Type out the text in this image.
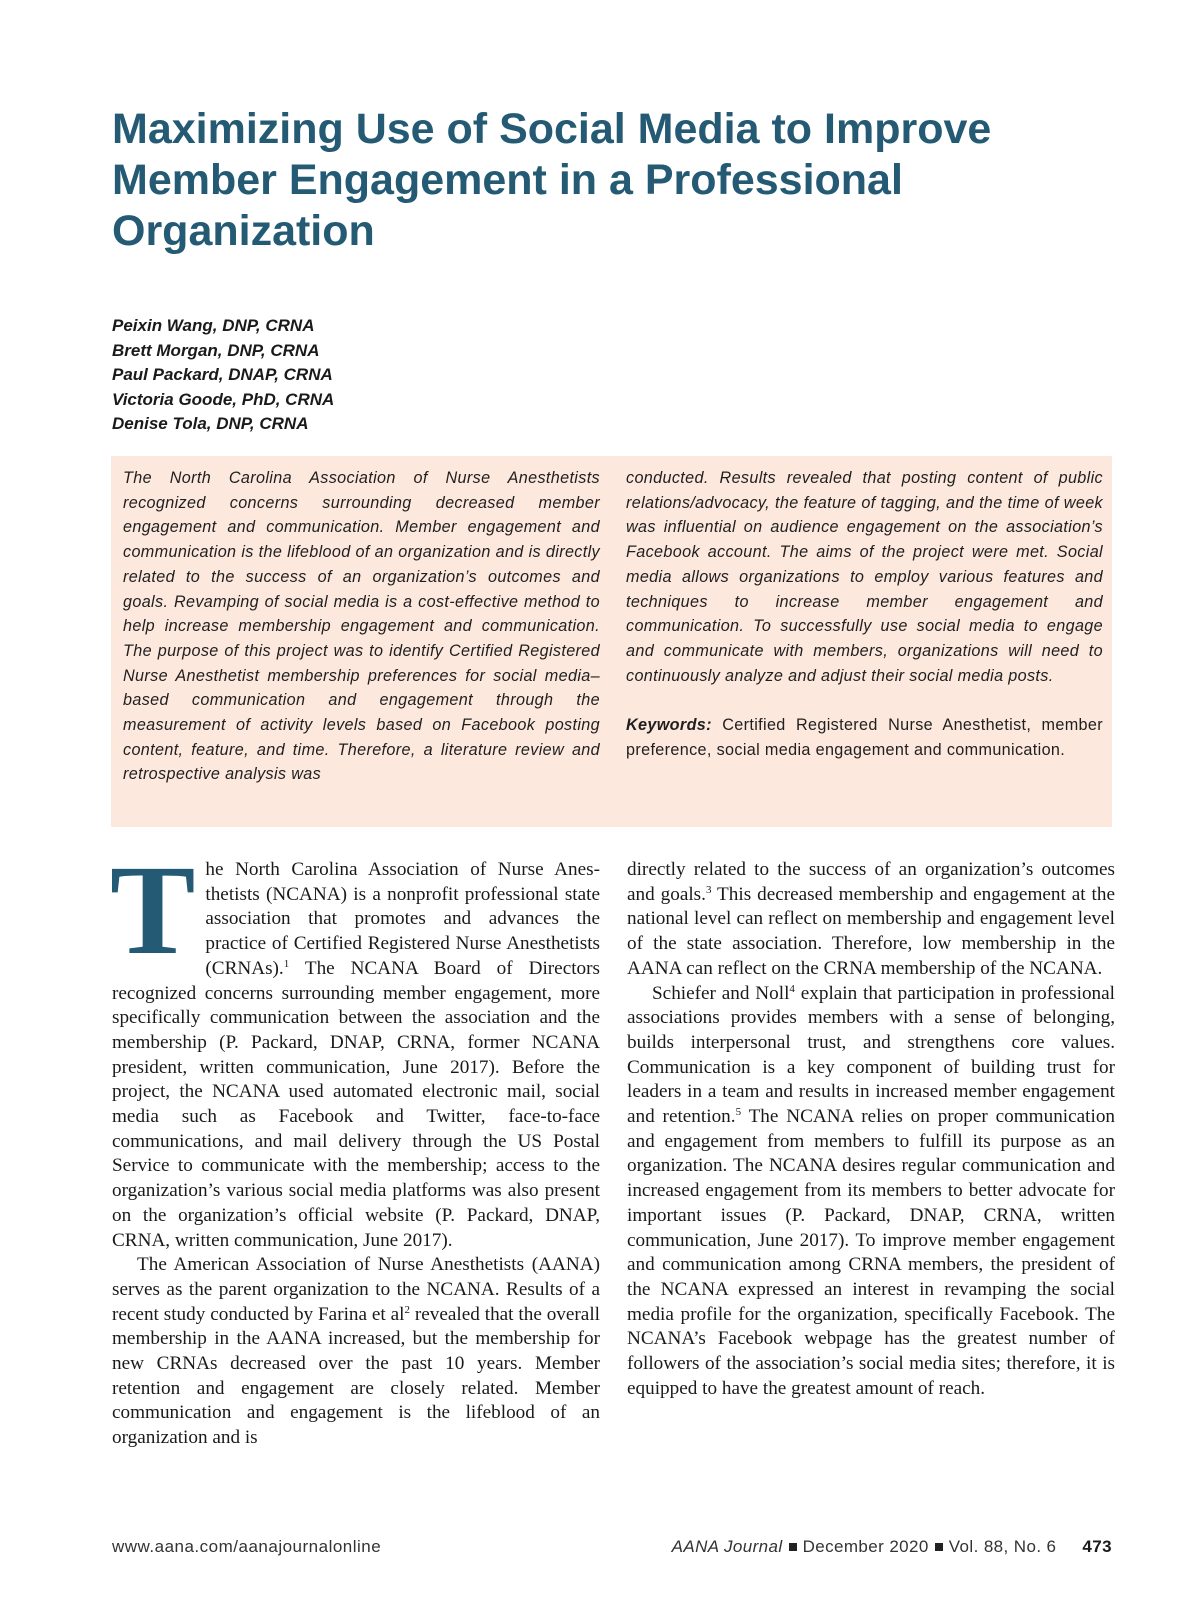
Maximizing Use of Social Media to Improve Member Engagement in a Professional Organization
Peixin Wang, DNP, CRNA
Brett Morgan, DNP, CRNA
Paul Packard, DNAP, CRNA
Victoria Goode, PhD, CRNA
Denise Tola, DNP, CRNA
The North Carolina Association of Nurse Anesthetists recognized concerns surrounding decreased member engagement and communication. Member engagement and communication is the lifeblood of an organization and is directly related to the success of an organization’s outcomes and goals. Revamping of social media is a cost-effective method to help increase membership engagement and communication. The purpose of this project was to identify Certified Registered Nurse Anesthetist membership preferences for social media–based communication and engagement through the measurement of activity levels based on Facebook posting content, feature, and time. Therefore, a literature review and retrospective analysis was

conducted. Results revealed that posting content of public relations/advocacy, the feature of tagging, and the time of week was influential on audience engagement on the association’s Facebook account. The aims of the project were met. Social media allows organizations to employ various features and techniques to increase member engagement and communication. To successfully use social media to engage and communicate with members, organizations will need to continuously analyze and adjust their social media posts.

Keywords: Certified Registered Nurse Anesthetist, member preference, social media engagement and communication.

The North Carolina Association of Nurse Anesthetists (NCANA) is a nonprofit professional state association that promotes and advances the practice of Certified Registered Nurse Anesthetists (CRNAs).$^1$ The NCANA Board of Directors recognized concerns surrounding member engagement, more specifically communication between the association and the membership (P. Packard, DNAP, CRNA, former NCANA president, written communication, June 2017). Before the project, the NCANA used automated electronic mail, social media such as Facebook and Twitter, face-to-face communications, and mail delivery through the US Postal Service to communicate with the membership; access to the organization’s various social media platforms was also present on the organization’s official website (P. Packard, DNAP, CRNA, written communication, June 2017).

The American Association of Nurse Anesthetists (AANA) serves as the parent organization to the NCANA. Results of a recent study conducted by Farina et $al^2$ revealed that the overall membership in the AANA increased, but the membership for new CRNAs decreased over the past 10 years. Member retention and engagement are closely related. Member communication and engagement is the lifeblood of an organization and is

directly related to the success of an organization’s outcomes and goals.$^3$ This decreased membership and engagement at the national level can reflect on membership and engagement level of the state association. Therefore, low membership in the AANA can reflect on the CRNA membership of the NCANA.

Schiefer and Noll$^4$ explain that participation in professional associations provides members with a sense of belonging, builds interpersonal trust, and strengthens core values. Communication is a key component of building trust for leaders in a team and results in increased member engagement and retention.$^5$ The NCANA relies on proper communication and engagement from members to fulfill its purpose as an organization. The NCANA desires regular communication and increased engagement from its members to better advocate for important issues (P. Packard, DNAP, CRNA, written communication, June 2017). To improve member engagement and communication among CRNA members, the president of the NCANA expressed an interest in revamping the social media profile for the organization, specifically Facebook. The NCANA’s Facebook webpage has the greatest number of followers of the association’s social media sites; therefore, it is equipped to have the greatest amount of reach.

www.aana.com/aanajournalonline	AANA Journal December 2020 Vol. 88, No. 6 473
